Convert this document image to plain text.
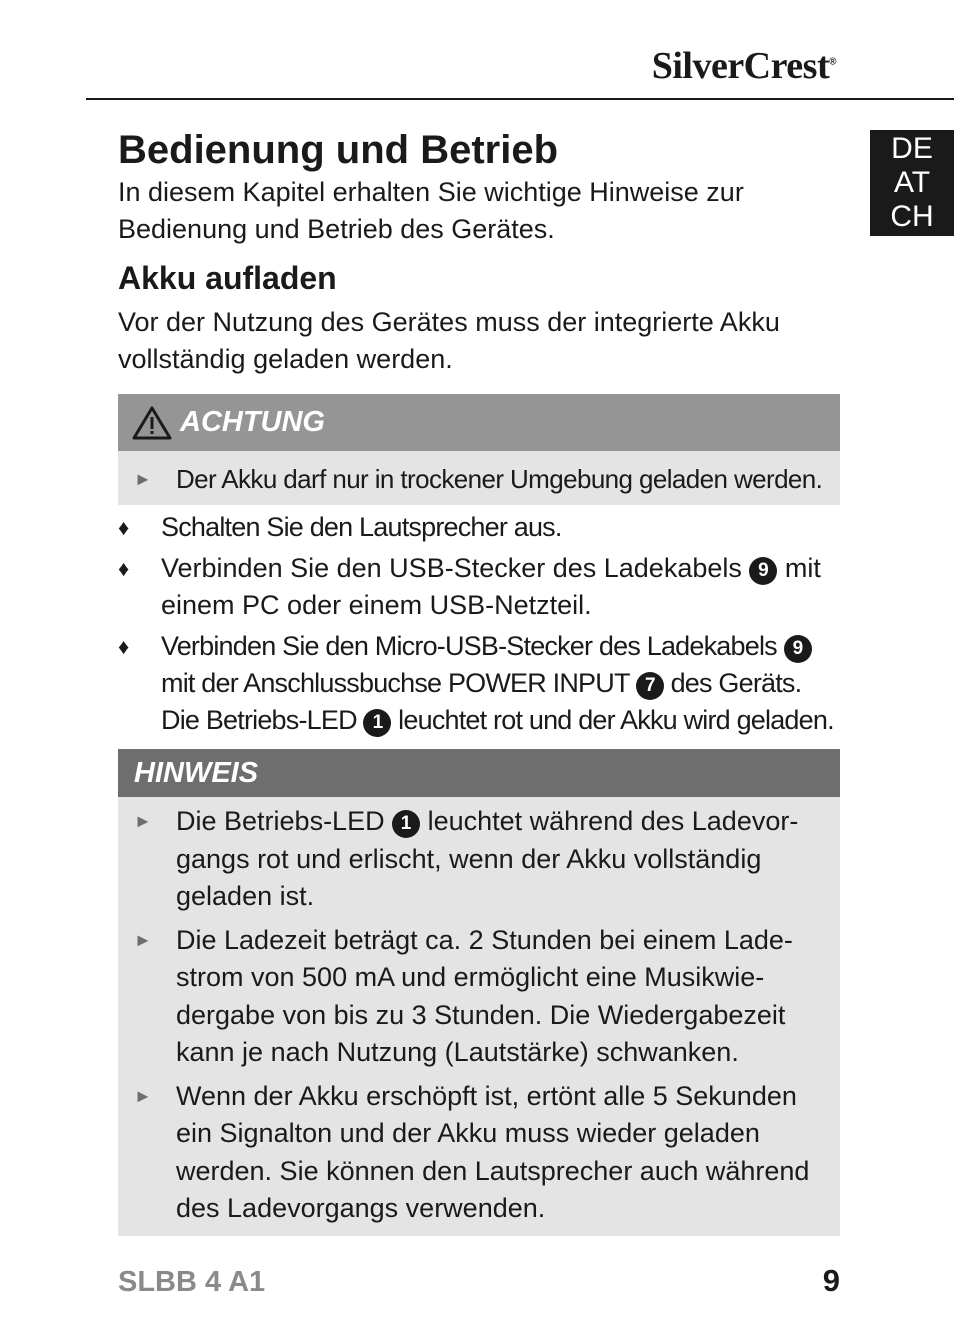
SilverCrest®
DE
AT
CH
Bedienung und Betrieb

In diesem Kapitel erhalten Sie wichtige Hinweise zur Bedienung und Betrieb des Gerätes.

Akku aufladen

Vor der Nutzung des Gerätes muss der integrierte Akku vollständig geladen werden.

ACHTUNG
► Der Akku darf nur in trockener Umgebung geladen werden.
♦	Schalten Sie den Lautsprecher aus.
♦	Verbinden Sie den USB-Stecker des Ladekabels 9 mit einem PC oder einem USB-Netzteil.
♦	Verbinden Sie den Micro-USB-Stecker des Ladekabels 9 mit der Anschlussbuchse POWER INPUT 7 des Geräts. Die Betriebs-LED 1 leuchtet rot und der Akku wird geladen.
HINWEIS
► Die Betriebs-LED 1 leuchtet während des Ladevor-gangs rot und erlischt, wenn der Akku vollständig geladen ist.
► Die Ladezeit beträgt ca. 2 Stunden bei einem Lade-strom von 500 mA und ermöglicht eine Musikwie-dergabe von bis zu 3 Stunden. Die Wiedergabezeit kann je nach Nutzung (Lautstärke) schwanken.
► Wenn der Akku erschöpft ist, ertönt alle 5 Sekunden ein Signalton und der Akku muss wieder geladen werden. Sie können den Lautsprecher auch während des Ladevorgangs verwenden.
SLBB 4 A1	9
